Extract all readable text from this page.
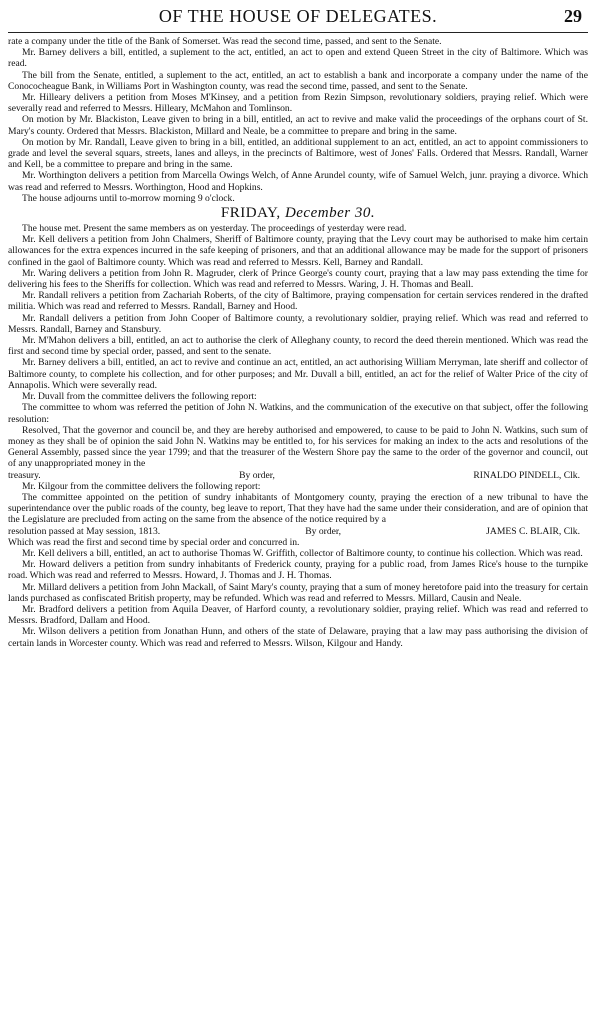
OF THE HOUSE OF DELEGATES.	29

rate a company under the title of the Bank of Somerset. Was read the second time, passed, and sent to the Senate.

Mr. Barney delivers a bill, entitled, a suplement to the act, entitled, an act to open and extend Queen Street in the city of Baltimore. Which was read.

The bill from the Senate, entitled, a suplement to the act, entitled, an act to establish a bank and incorporate a company under the name of the Conococheague Bank, in Williams Port in Washington county, was read the second time, passed, and sent to the Senate.

Mr. Hilleary delivers a petition from Moses M'Kinsey, and a petition from Rezin Simpson, revolutionary soldiers, praying relief. Which were severally read and referred to Messrs. Hilleary, McMahon and Tomlinson.

On motion by Mr. Blackiston, Leave given to bring in a bill, entitled, an act to revive and make valid the proceedings of the orphans court of St. Mary's county. Ordered that Messrs. Blackiston, Millard and Neale, be a committee to prepare and bring in the same.

On motion by Mr. Randall, Leave given to bring in a bill, entitled, an additional supplement to an act, entitled, an act to appoint commissioners to grade and level the several squars, streets, lanes and alleys, in the precincts of Baltimore, west of Jones' Falls. Ordered that Messrs. Randall, Warner and Kell, be a committee to prepare and bring in the same.

Mr. Worthington delivers a petition from Marcella Owings Welch, of Anne Arundel county, wife of Samuel Welch, junr. praying a divorce. Which was read and referred to Messrs. Worthington, Hood and Hopkins.

The house adjourns until to-morrow morning 9 o'clock.

FRIDAY, December 30.

The house met. Present the same members as on yesterday. The proceedings of yesterday were read.

Mr. Kell delivers a petition from John Chalmers, Sheriff of Baltimore county, praying that the Levy court may be authorised to make him certain allowances for the extra expences incurred in the safe keeping of prisoners, and that an additional allowance may be made for the support of prisoners confined in the gaol of Baltimore county. Which was read and referred to Messrs. Kell, Barney and Randall.

Mr. Waring delivers a petition from John R. Magruder, clerk of Prince George's county court, praying that a law may pass extending the time for delivering his fees to the Sheriffs for collection. Which was read and referred to Messrs. Waring, J. H. Thomas and Beall.

Mr. Randall relivers a petition from Zachariah Roberts, of the city of Baltimore, praying compensation for certain services rendered in the drafted militia. Which was read and referred to Messrs. Randall, Barney and Hood.

Mr. Randall delivers a petition from John Cooper of Baltimore county, a revolutionary soldier, praying relief. Which was read and referred to Messrs. Randall, Barney and Stansbury.

Mr. M'Mahon delivers a bill, entitled, an act to authorise the clerk of Alleghany county, to record the deed therein mentioned. Which was read the first and second time by special order, passed, and sent to the senate.

Mr. Barney delivers a bill, entitled, an act to revive and continue an act, entitled, an act authorising William Merryman, late sheriff and collector of Baltimore county, to complete his collection, and for other purposes; and Mr. Duvall a bill, entitled, an act for the relief of Walter Price of the city of Annapolis. Which were severally read.

Mr. Duvall from the committee delivers the following report:

The committee to whom was referred the petition of John N. Watkins, and the communication of the executive on that subject, offer the following resolution:

Resolved, That the governor and council be, and they are hereby authorised and empowered, to cause to be paid to John N. Watkins, such sum of money as they shall be of opinion the said John N. Watkins may be entitled to, for his services for making an index to the acts and resolutions of the General Assembly, passed since the year 1799; and that the treasurer of the Western Shore pay the same to the order of the governor and council, out of any unappropriated money in the

treasury.	By order,	RINALDO PINDELL, Clk.

Mr. Kilgour from the committee delivers the following report:

The committee appointed on the petition of sundry inhabitants of Montgomery county, praying the erection of a new tribunal to have the superintendance over the public roads of the county, beg leave to report, That they have had the same under their consideration, and are of opinion that the Legislature are precluded from acting on the same from the absence of the notice required by a

resolution passed at May session, 1813.	By order,	JAMES C. BLAIR, Clk.

Which was read the first and second time by special order and concurred in.

Mr. Kell delivers a bill, entitled, an act to authorise Thomas W. Griffith, collector of Baltimore county, to continue his collection. Which was read.

Mr. Howard delivers a petition from sundry inhabitants of Frederick county, praying for a public road, from James Rice's house to the turnpike road. Which was read and referred to Messrs. Howard, J. Thomas and J. H. Thomas.

Mr. Millard delivers a petition from John Mackall, of Saint Mary's county, praying that a sum of money heretofore paid into the treasury for certain lands purchased as confiscated British property, may be refunded. Which was read and referred to Messrs. Millard, Causin and Neale.

Mr. Bradford delivers a petition from Aquila Deaver, of Harford county, a revolutionary soldier, praying relief. Which was read and referred to Messrs. Bradford, Dallam and Hood.

Mr. Wilson delivers a petition from Jonathan Hunn, and others of the state of Delaware, praying that a law may pass authorising the division of certain lands in Worcester county. Which was read and referred to Messrs. Wilson, Kilgour and Handy.
